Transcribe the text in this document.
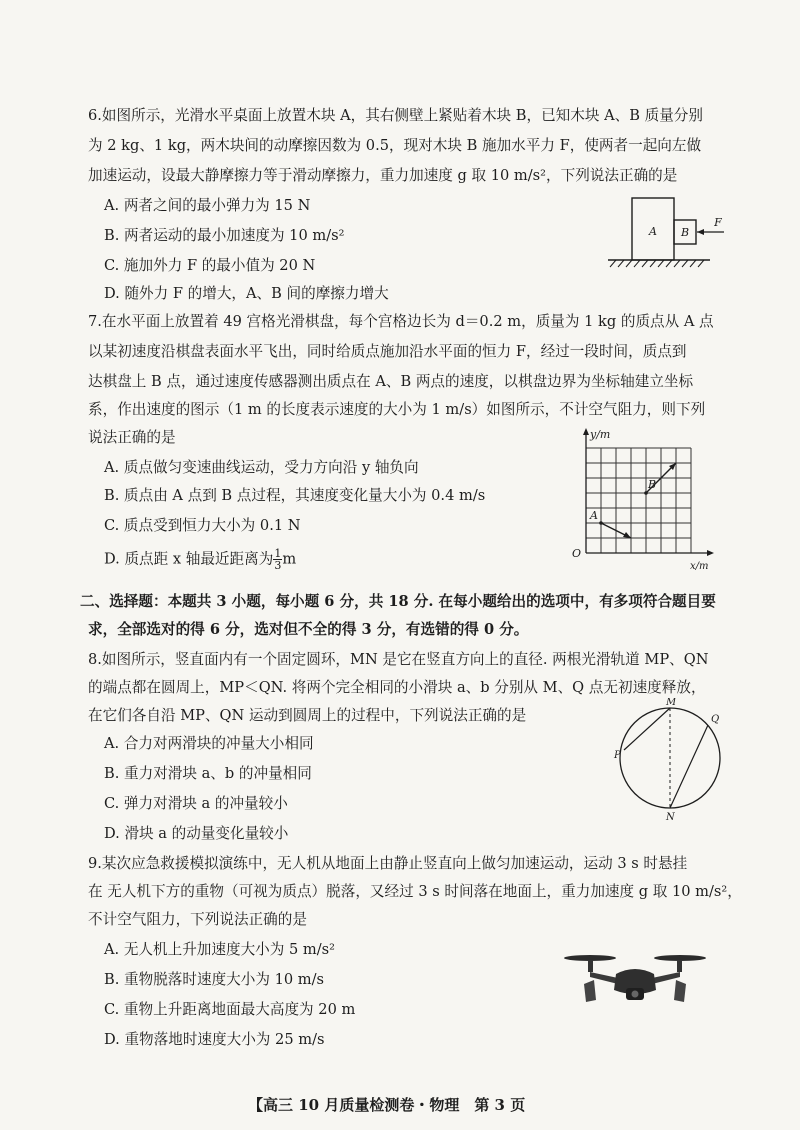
6.如图所示，光滑水平桌面上放置木块 A，其右侧壁上紧贴着木块 B，已知木块 A、B 质量分别
为 2 kg、1 kg，两木块间的动摩擦因数为 0.5，现对木块 B 施加水平力 F，使两者一起向左做
加速运动，设最大静摩擦力等于滑动摩擦力，重力加速度 g 取 10 m/s²，下列说法正确的是
A. 两者之间的最小弹力为 15 N
B. 两者运动的最小加速度为 10 m/s²
C. 施加外力 F 的最小值为 20 N
D. 随外力 F 的增大，A、B 间的摩擦力增大
A B
F
7.在水平面上放置着 49 宫格光滑棋盘，每个宫格边长为 d＝0.2 m，质量为 1 kg 的质点从 A 点
以某初速度沿棋盘表面水平飞出，同时给质点施加沿水平面的恒力 F，经过一段时间，质点到
达棋盘上 B 点，通过速度传感器测出质点在 A、B 两点的速度，以棋盘边界为坐标轴建立坐标
系，作出速度的图示（1 m 的长度表示速度的大小为 1 m/s）如图所示，不计空气阻力，则下列
说法正确的是
A. 质点做匀变速曲线运动，受力方向沿 y 轴负向
B. 质点由 A 点到 B 点过程，其速度变化量大小为 0.4 m/s
C. 质点受到恒力大小为 0.1 N
D. 质点距 x 轴最近距离为 $\frac{1}{3}$ m
y/m
x/m
O
A
B
二、选择题：本题共 3 小题，每小题 6 分，共 18 分. 在每小题给出的选项中，有多项符合题目要
求，全部选对的得 6 分，选对但不全的得 3 分，有选错的得 0 分。
8.如图所示，竖直面内有一个固定圆环，MN 是它在竖直方向上的直径. 两根光滑轨道 MP、QN
的端点都在圆周上，MP＜QN. 将两个完全相同的小滑块 a、b 分别从 M、Q 点无初速度释放，
在它们各自沿 MP、QN 运动到圆周上的过程中，下列说法正确的是
A. 合力对两滑块的冲量大小相同
B. 重力对滑块 a、b 的冲量相同
C. 弹力对滑块 a 的冲量较小
D. 滑块 a 的动量变化量较小
M
Q
P
N
9.某次应急救援模拟演练中，无人机从地面上由静止竖直向上做匀加速运动，运动 3 s 时悬挂
在 无人机下方的重物（可视为质点）脱落，又经过 3 s 时间落在地面上，重力加速度 g 取 10 m/s²，
不计空气阻力，下列说法正确的是
A. 无人机上升加速度大小为 5 m/s²
B. 重物脱落时速度大小为 10 m/s
C. 重物上升距离地面最大高度为 20 m
D. 重物落地时速度大小为 25 m/s
【高三 10 月质量检测卷・物理　第 3 页
